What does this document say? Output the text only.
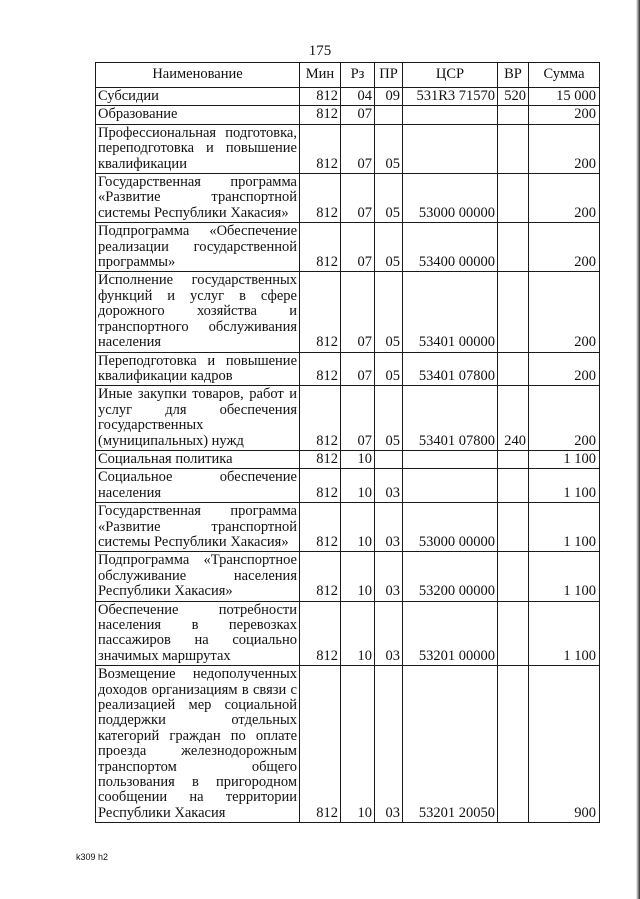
175
Наименование	Мин	Рз	ПР	ЦСР	ВР	Сумма
Субсидии	812	04	09	531R3 71570	520	15 000
Образование	812	07				200
Профессиональная подготовка, переподготовка и повышение квалификации	812	07	05			200
Государственная программа «Развитие транспортной системы Республики Хакасия»	812	07	05	53000 00000		200
Подпрограмма «Обеспечение реализации государственной программы»	812	07	05	53400 00000		200
Исполнение государственных функций и услуг в сфере дорожного хозяйства и транспортного обслуживания населения	812	07	05	53401 00000		200
Переподготовка и повышение квалификации кадров	812	07	05	53401 07800		200
Иные закупки товаров, работ и услуг для обеспечения государственных (муниципальных) нужд	812	07	05	53401 07800	240	200
Социальная политика	812	10				1 100
Социальное обеспечение населения	812	10	03			1 100
Государственная программа «Развитие транспортной системы Республики Хакасия»	812	10	03	53000 00000		1 100
Подпрограмма «Транспортное обслуживание населения Республики Хакасия»	812	10	03	53200 00000		1 100
Обеспечение потребности населения в перевозках пассажиров на социально значимых маршрутах	812	10	03	53201 00000		1 100
Возмещение недополученных доходов организациям в связи с реализацией мер социальной поддержки отдельных категорий граждан по оплате проезда железнодорожным транспортом общего пользования в пригородном сообщении на территории Республики Хакасия	812	10	03	53201 20050		900
k309 h2
